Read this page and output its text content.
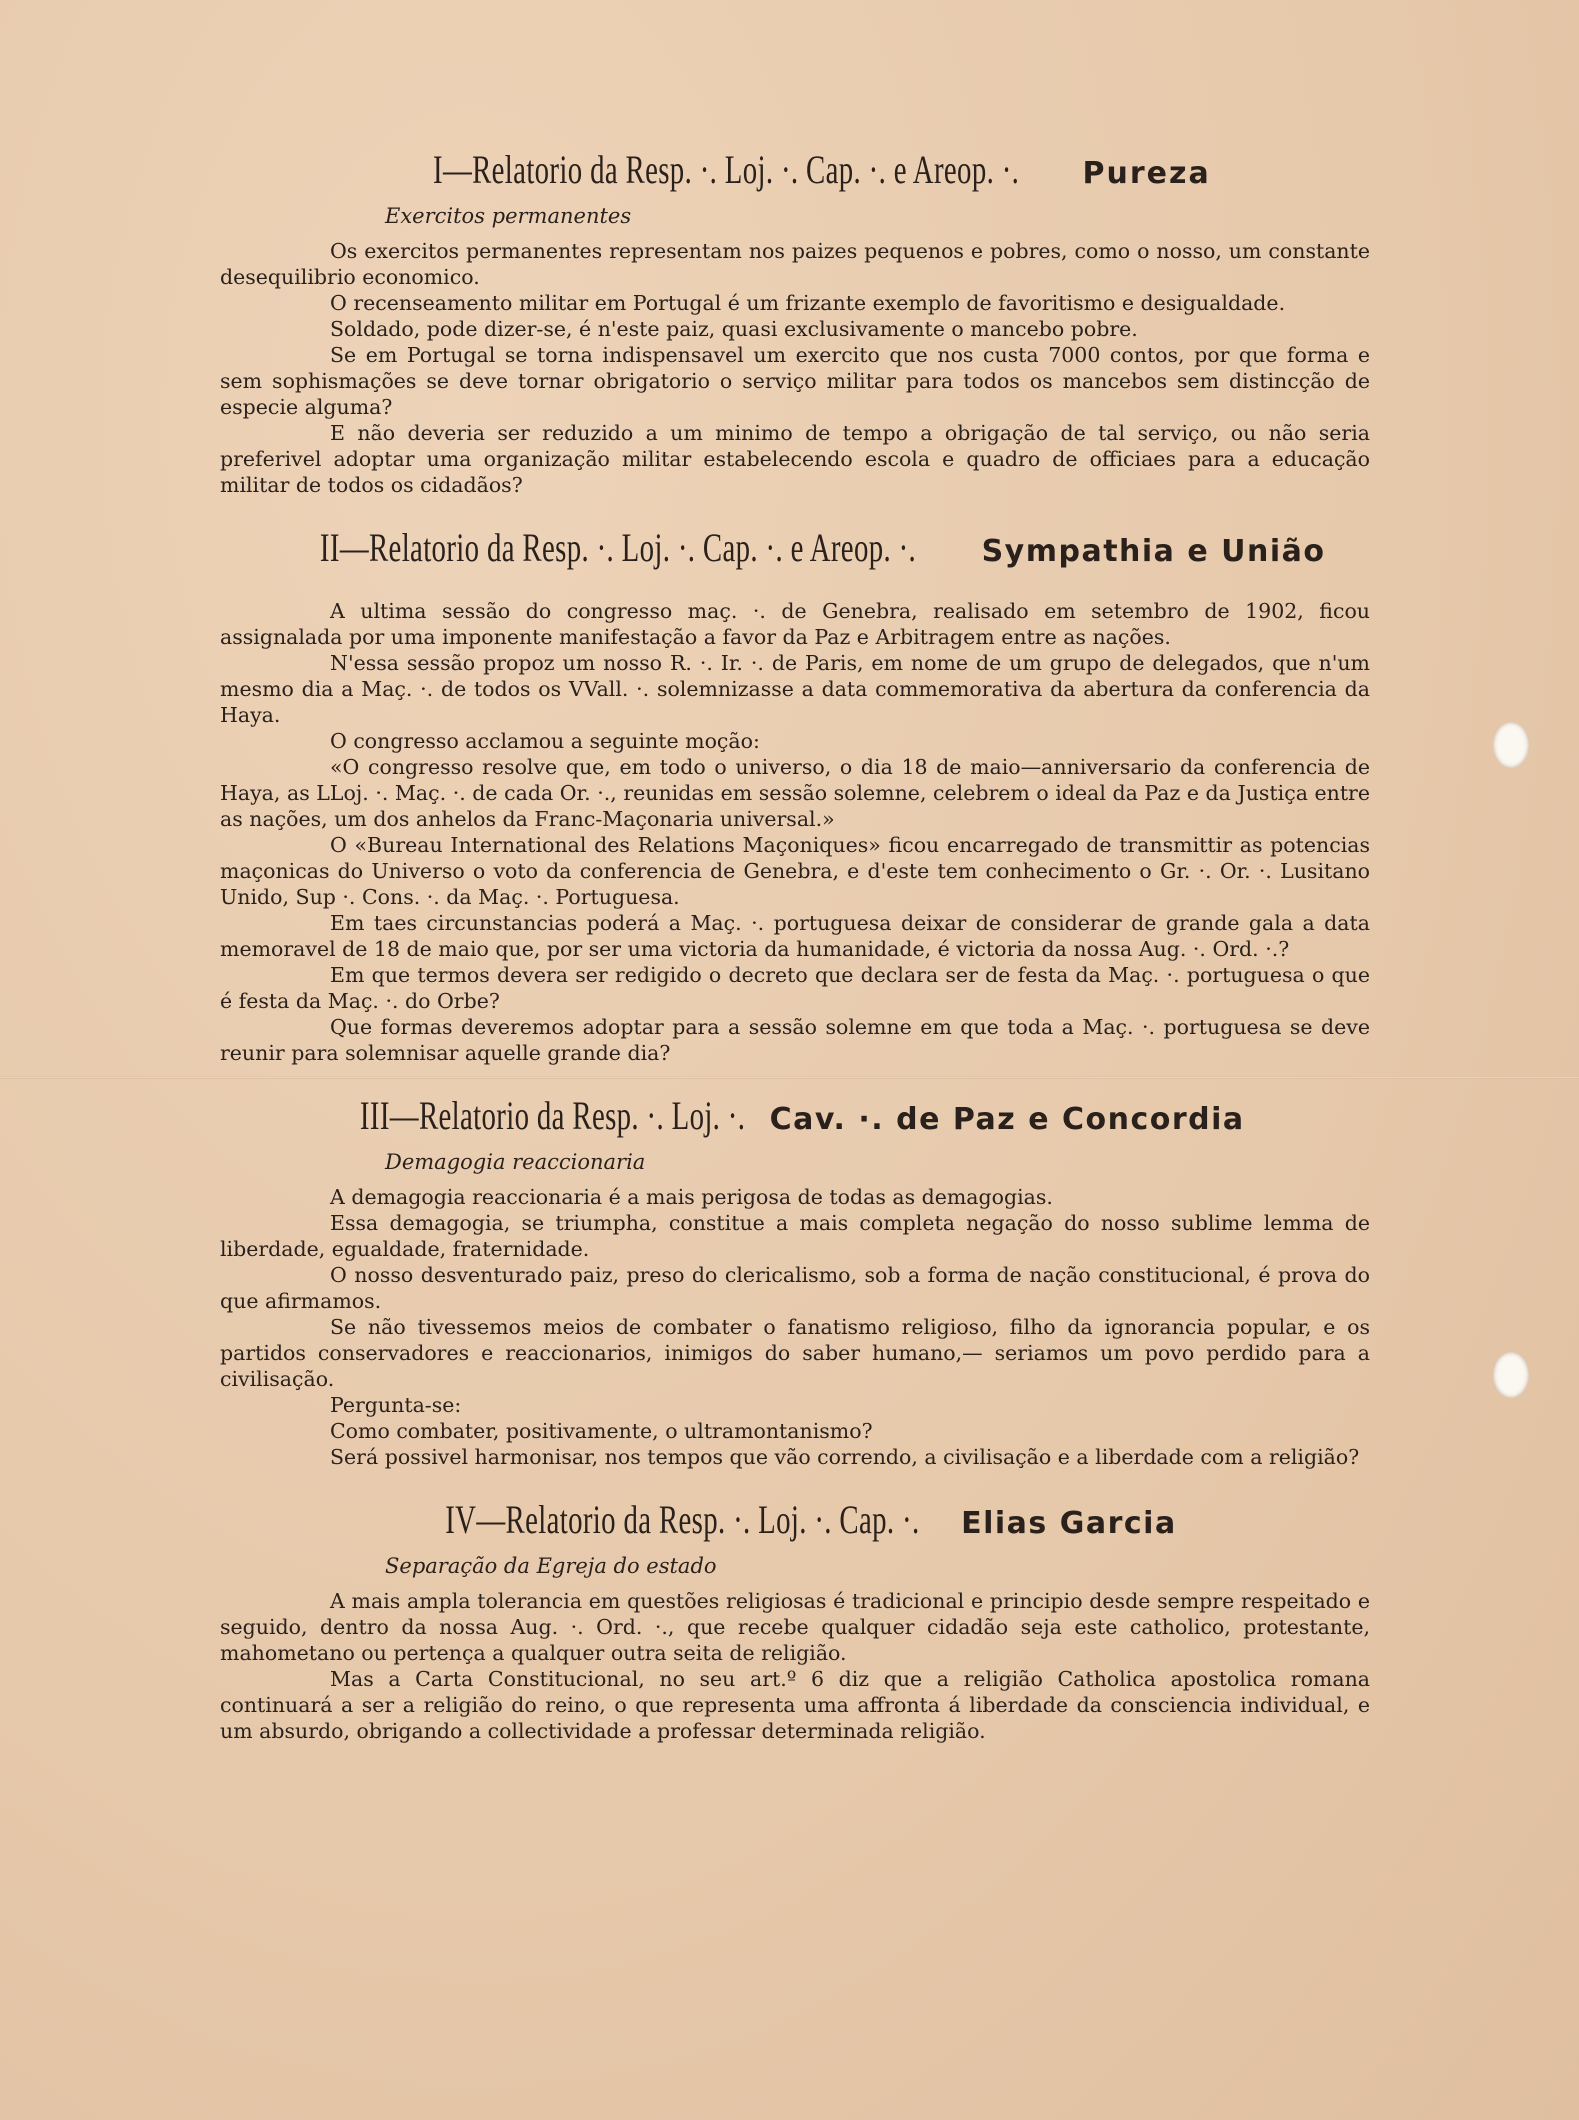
I—Relatorio da Resp. ·. Loj. ·. Cap. ·. e Areop. ·. Pureza
Exercitos permanentes

Os exercitos permanentes representam nos paizes pequenos e pobres, como o nosso, um constante desequilibrio economico.

O recenseamento militar em Portugal é um frizante exemplo de favoritismo e desigualdade.

Soldado, pode dizer-se, é n'este paiz, quasi exclusivamente o mancebo pobre.

Se em Portugal se torna indispensavel um exercito que nos custa 7000 contos, por que forma e sem sophismações se deve tornar obrigatorio o serviço militar para todos os mancebos sem distincção de especie alguma?

E não deveria ser reduzido a um minimo de tempo a obrigação de tal serviço, ou não seria preferivel adoptar uma organização militar estabelecendo escola e quadro de officiaes para a educação militar de todos os cidadãos?

II—Relatorio da Resp. ·. Loj. ·. Cap. ·. e Areop. ·. Sympathia e União

A ultima sessão do congresso maç. ·. de Genebra, realisado em setembro de 1902, ficou assignalada por uma imponente manifestação a favor da Paz e Arbitragem entre as nações.

N'essa sessão propoz um nosso R. ·. Ir. ·. de Paris, em nome de um grupo de delegados, que n'um mesmo dia a Maç. ·. de todos os VVall. ·. solemnizasse a data commemorativa da abertura da conferencia da Haya.

O congresso acclamou a seguinte moção:

«O congresso resolve que, em todo o universo, o dia 18 de maio—anniversario da conferencia de Haya, as LLoj. ·. Maç. ·. de cada Or. ·., reunidas em sessão solemne, celebrem o ideal da Paz e da Justiça entre as nações, um dos anhelos da Franc-Maçonaria universal.»

O «Bureau International des Relations Maçoniques» ficou encarregado de transmittir as potencias maçonicas do Universo o voto da conferencia de Genebra, e d'este tem conhecimento o Gr. ·. Or. ·. Lusitano Unido, Sup ·. Cons. ·. da Maç. ·. Portuguesa.

Em taes circunstancias poderá a Maç. ·. portuguesa deixar de considerar de grande gala a data memoravel de 18 de maio que, por ser uma victoria da humanidade, é victoria da nossa Aug. ·. Ord. ·.?

Em que termos devera ser redigido o decreto que declara ser de festa da Maç. ·. portuguesa o que é festa da Maç. ·. do Orbe?

Que formas deveremos adoptar para a sessão solemne em que toda a Maç. ·. portuguesa se deve reunir para solemnisar aquelle grande dia?

III—Relatorio da Resp. ·. Loj. ·. Cav. ·. de Paz e Concordia
Demagogia reaccionaria

A demagogia reaccionaria é a mais perigosa de todas as demagogias.

Essa demagogia, se triumpha, constitue a mais completa negação do nosso sublime lemma de liberdade, egualdade, fraternidade.

O nosso desventurado paiz, preso do clericalismo, sob a forma de nação constitucional, é prova do que afirmamos.

Se não tivessemos meios de combater o fanatismo religioso, filho da ignorancia popular, e os partidos conservadores e reaccionarios, inimigos do saber humano,— seriamos um povo perdido para a civilisação.

Pergunta-se:

Como combater, positivamente, o ultramontanismo?

Será possivel harmonisar, nos tempos que vão correndo, a civilisação e a liberdade com a religião?

IV—Relatorio da Resp. ·. Loj. ·. Cap. ·. Elias Garcia
Separação da Egreja do estado

A mais ampla tolerancia em questões religiosas é tradicional e principio desde sempre respeitado e seguido, dentro da nossa Aug. ·. Ord. ·., que recebe qualquer cidadão seja este catholico, protestante, mahometano ou pertença a qualquer outra seita de religião.

Mas a Carta Constitucional, no seu art.º 6 diz que a religião Catholica apostolica romana continuará a ser a religião do reino, o que representa uma affronta á liberdade da consciencia individual, e um absurdo, obrigando a collectividade a professar determinada religião.
